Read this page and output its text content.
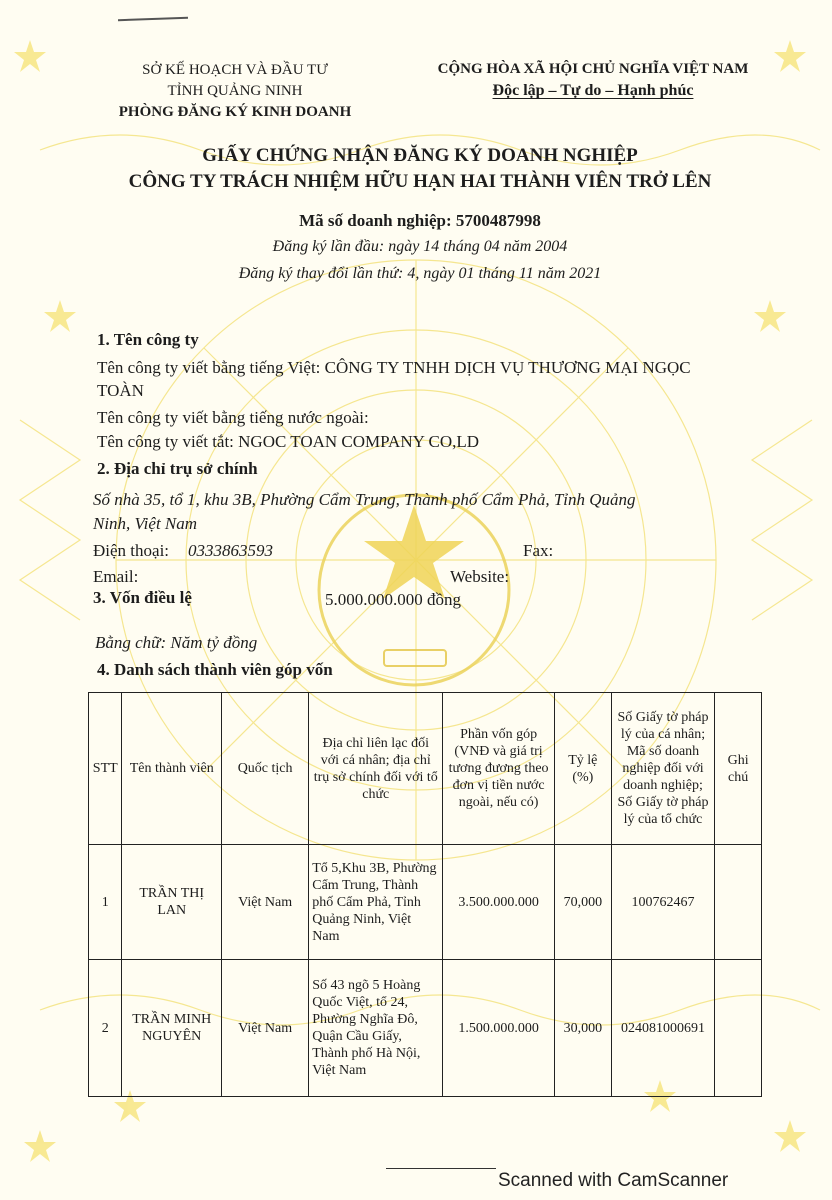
SỞ KẾ HOẠCH VÀ ĐẦU TƯ
TỈNH QUẢNG NINH
PHÒNG ĐĂNG KÝ KINH DOANH
CỘNG HÒA XÃ HỘI CHỦ NGHĨA VIỆT NAM
Độc lập – Tự do – Hạnh phúc
GIẤY CHỨNG NHẬN ĐĂNG KÝ DOANH NGHIỆP
CÔNG TY TRÁCH NHIỆM HỮU HẠN HAI THÀNH VIÊN TRỞ LÊN
Mã số doanh nghiệp: 5700487998
Đăng ký lần đầu: ngày 14 tháng 04 năm 2004
Đăng ký thay đổi lần thứ: 4, ngày 01 tháng 11 năm 2021
1. Tên công ty
Tên công ty viết bằng tiếng Việt: CÔNG TY TNHH DỊCH VỤ THƯƠNG MẠI NGỌC
TOÀN
Tên công ty viết bằng tiếng nước ngoài:
Tên công ty viết tắt: NGOC TOAN COMPANY CO,LD
2. Địa chỉ trụ sở chính
Số nhà 35, tổ 1, khu 3B, Phường Cẩm Trung, Thành phố Cẩm Phả, Tỉnh Quảng
Ninh, Việt Nam
Điện thoại: 0333863593	Fax:
Email:	Website:
3. Vốn điều lệ	5.000.000.000 đồng
Bằng chữ: Năm tỷ đồng
4. Danh sách thành viên góp vốn
STT	Tên thành viên	Quốc tịch	Địa chỉ liên lạc đối với cá nhân; địa chỉ trụ sở chính đối với tổ chức	Phần vốn góp (VNĐ và giá trị tương đương theo đơn vị tiền nước ngoài, nếu có)	Tỷ lệ (%)	Số Giấy tờ pháp lý của cá nhân; Mã số doanh nghiệp đối với doanh nghiệp; Số Giấy tờ pháp lý của tổ chức	Ghi chú
1	TRẦN THỊ LAN	Việt Nam	Tổ 5,Khu 3B, Phường Cẩm Trung, Thành phố Cẩm Phả, Tỉnh Quảng Ninh, Việt Nam	3.500.000.000	70,000	100762467	
2	TRẦN MINH NGUYÊN	Việt Nam	Số 43 ngõ 5 Hoàng Quốc Việt, tổ 24, Phường Nghĩa Đô, Quận Cầu Giấy, Thành phố Hà Nội, Việt Nam	1.500.000.000	30,000	024081000691	
Scanned with CamScanner
